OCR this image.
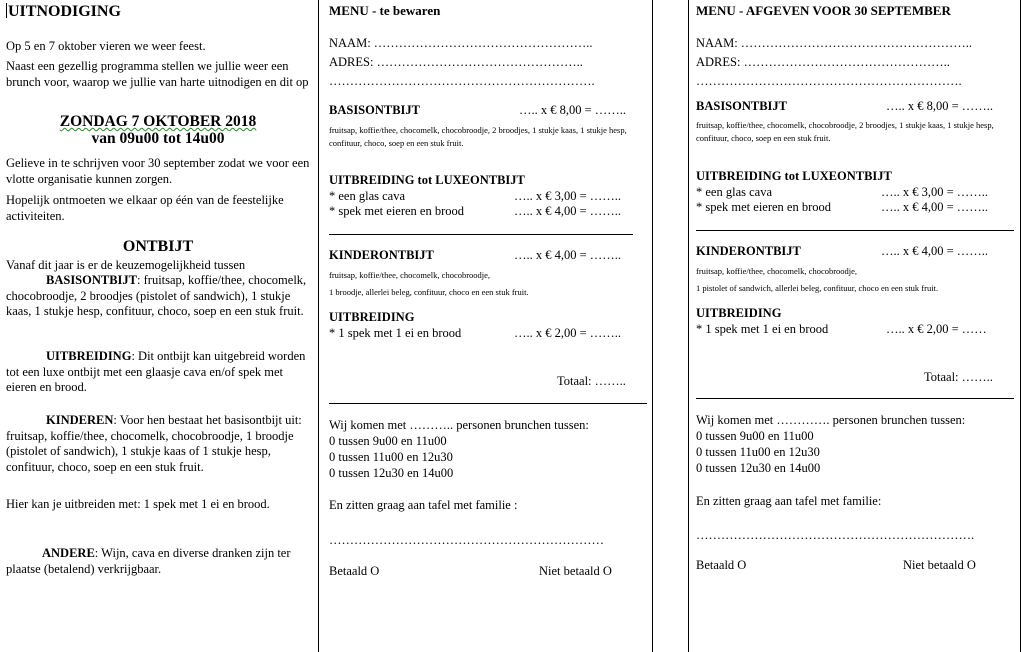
UITNODIGING

Op 5 en 7 oktober vieren we weer feest.

Naast een gezellig programma stellen we jullie weer een brunch voor, waarop we jullie van harte uitnodigen en dit op

ZONDAG 7 OKTOBER 2018
van 09u00 tot 14u00

Gelieve in te schrijven voor 30 september zodat we voor een vlotte organisatie kunnen zorgen.

Hopelijk ontmoeten we elkaar op één van de feestelijke activiteiten.

ONTBIJT

Vanaf dit jaar is er de keuzemogelijkheid tussen

BASISONTBIJT: fruitsap, koffie/thee, chocomelk, chocobroodje, 2 broodjes (pistolet of sandwich), 1 stukje kaas, 1 stukje hesp, confituur, choco, soep en een stuk fruit.

UITBREIDING: Dit ontbijt kan uitgebreid worden tot een luxe ontbijt met een glaasje cava en/of spek met eieren en brood.

KINDEREN: Voor hen bestaat het basisontbijt uit: fruitsap, koffie/thee, chocomelk, chocobroodje, 1 broodje (pistolet of sandwich), 1 stukje kaas of 1 stukje hesp, confituur, choco, soep en een stuk fruit.

Hier kan je uitbreiden met: 1 spek met 1 ei en brood.

ANDERE: Wijn, cava en diverse dranken zijn ter plaatse (betalend) verkrijgbaar.

MENU - te bewaren
NAAM: ……………………………………………..
ADRES: …………………………………………..
……………………………………………………….
BASISONTBIJT	….. x € 8,00 = ……..
fruitsap, koffie/thee, chocomelk, chocobroodje, 2 broodjes, 1 stukje kaas, 1 stukje hesp, confituur, choco, soep en een stuk fruit.
UITBREIDING tot LUXEONTBIJT
* een glas cava	….. x € 3,00 = ……..
* spek met eieren en brood	….. x € 4,00 = ……..
KINDERONTBIJT	….. x € 4,00 = ……..
fruitsap, koffie/thee, chocomelk, chocobroodje,
1 broodje, allerlei beleg, confituur, choco en een stuk fruit.
UITBREIDING
* 1 spek met 1 ei en brood	….. x € 2,00 = ……..
Totaal: ……..
Wij komen met ……….. personen brunchen tussen:
0 tussen 9u00 en 11u00
0 tussen 11u00 en 12u30
0 tussen 12u30 en 14u00
En zitten graag aan tafel met familie :
…………………………………………………………
Betaald O	Niet betaald O
MENU - AFGEVEN VOOR 30 SEPTEMBER
NAAM: ………………………………………………..
ADRES: …………………………………………..
……………………………………………………….
BASISONTBIJT	….. x € 8,00 = ……..
fruitsap, koffie/thee, chocomelk, chocobroodje, 2 broodjes, 1 stukje kaas, 1 stukje hesp, confituur, choco, soep en een stuk fruit.
UITBREIDING tot LUXEONTBIJT
* een glas cava	….. x € 3,00 = ……..
* spek met eieren en brood	….. x € 4,00 = ……..
KINDERONTBIJT	….. x € 4,00 = ……..
fruitsap, koffie/thee, chocomelk, chocobroodje,
1 pistolet of sandwich, allerlei beleg, confituur, choco en een stuk fruit.
UITBREIDING
* 1 spek met 1 ei en brood	….. x € 2,00 = ……
Totaal: ……..
Wij komen met …………. personen brunchen tussen:
0 tussen 9u00 en 11u00
0 tussen 11u00 en 12u30
0 tussen 12u30 en 14u00
En zitten graag aan tafel met familie:
………………………………………………………….
Betaald O	Niet betaald O
